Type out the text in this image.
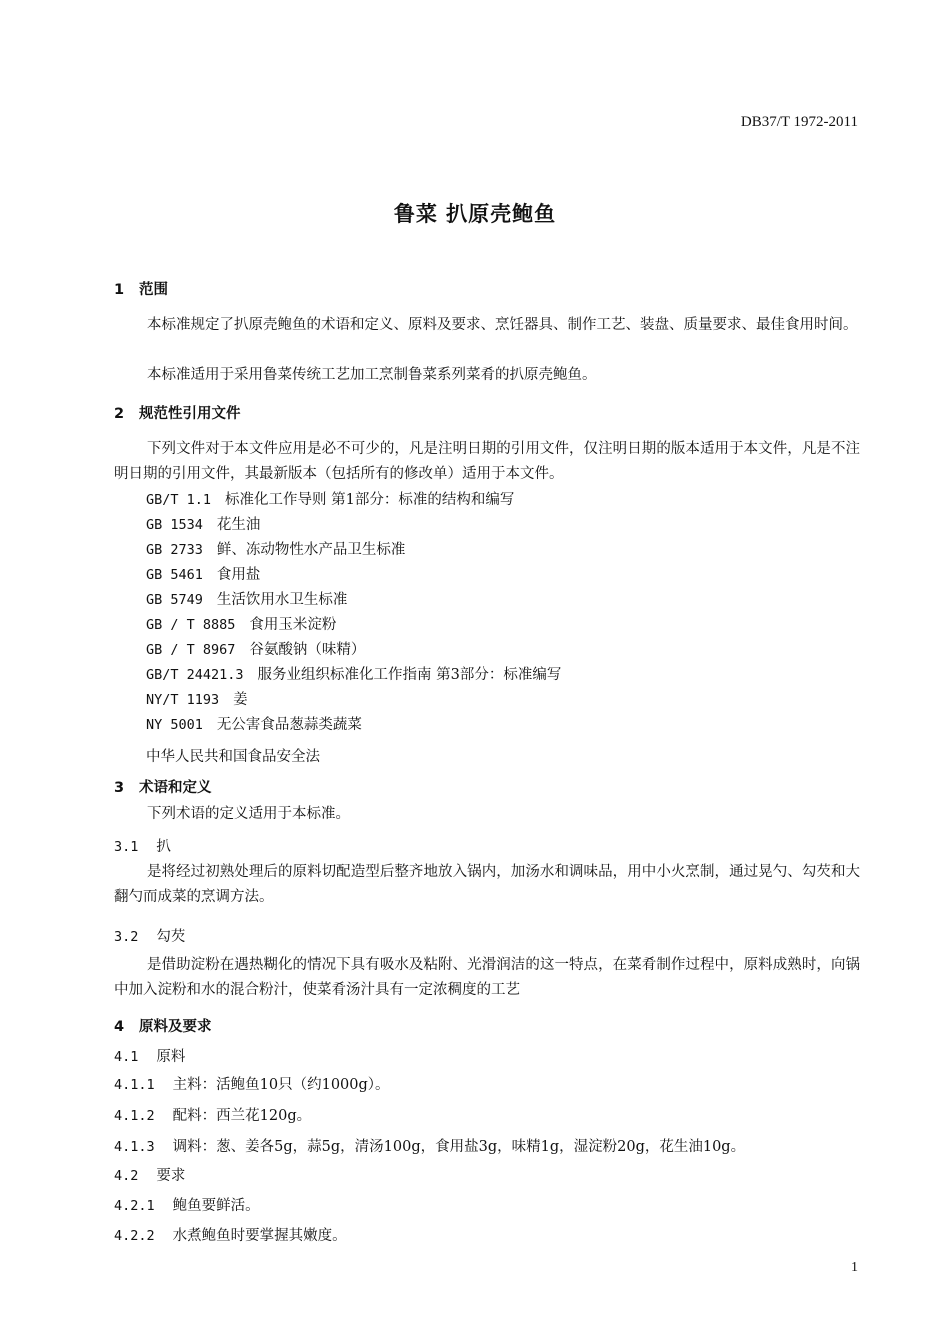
DB37/T 1972-2011
鲁菜 扒原壳鲍鱼
1 范围
本标准规定了扒原壳鲍鱼的术语和定义、原料及要求、烹饪器具、制作工艺、装盘、质量要求、最佳食用时间。
本标准适用于采用鲁菜传统工艺加工烹制鲁菜系列菜肴的扒原壳鲍鱼。
2 规范性引用文件
下列文件对于本文件应用是必不可少的，凡是注明日期的引用文件，仅注明日期的版本适用于本文件，凡是不注明日期的引用文件，其最新版本（包括所有的修改单）适用于本文件。
GB/T 1.1 标准化工作导则 第1部分：标准的结构和编写
GB 1534 花生油
GB 2733 鲜、冻动物性水产品卫生标准
GB 5461 食用盐
GB 5749 生活饮用水卫生标准
GB / T 8885 食用玉米淀粉
GB / T 8967 谷氨酸钠（味精）
GB/T 24421.3 服务业组织标准化工作指南 第3部分：标准编写
NY/T 1193 姜
NY 5001 无公害食品葱蒜类蔬菜
中华人民共和国食品安全法
3 术语和定义
下列术语的定义适用于本标准。
3.1 扒
是将经过初熟处理后的原料切配造型后整齐地放入锅内，加汤水和调味品，用中小火烹制，通过晃勺、勾芡和大翻勺而成菜的烹调方法。
3.2 勾芡
是借助淀粉在遇热糊化的情况下具有吸水及粘附、光滑润洁的这一特点，在菜肴制作过程中，原料成熟时，向锅中加入淀粉和水的混合粉汁，使菜肴汤汁具有一定浓稠度的工艺
4 原料及要求
4.1 原料
4.1.1 主料：活鲍鱼10只（约1000g）。
4.1.2 配料：西兰花120g。
4.1.3 调料：葱、姜各5g，蒜5g，清汤100g，食用盐3g，味精1g，湿淀粉20g，花生油10g。
4.2 要求
4.2.1 鲍鱼要鲜活。
4.2.2 水煮鲍鱼时要掌握其嫩度。
1
